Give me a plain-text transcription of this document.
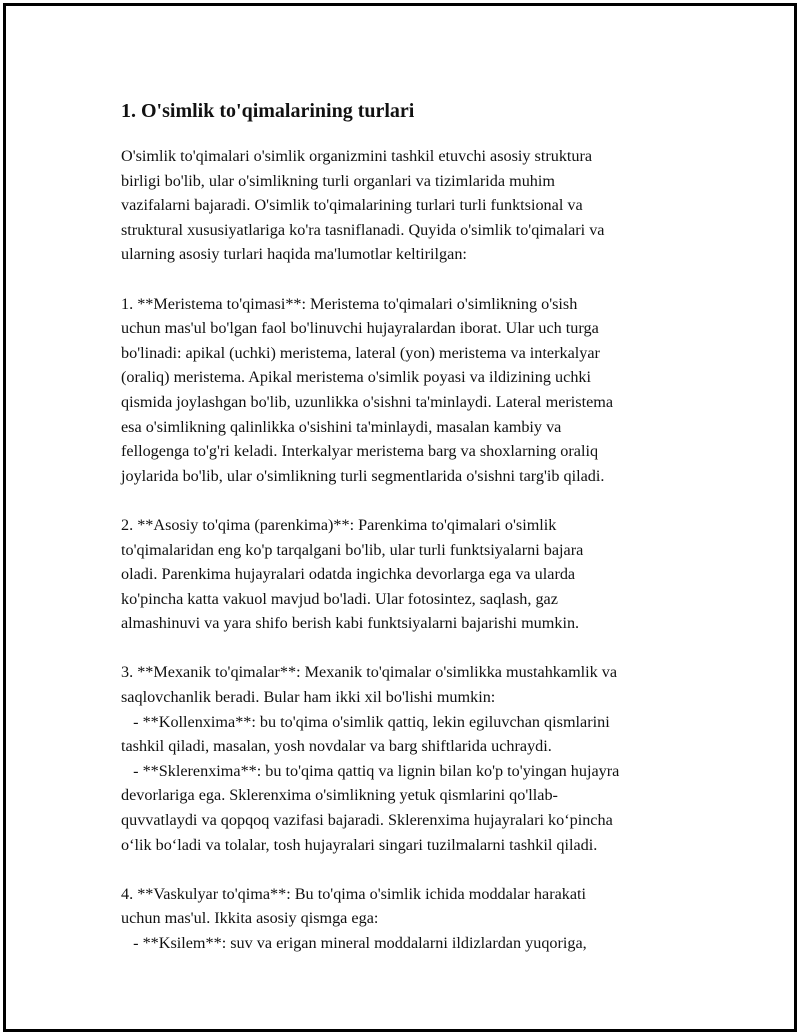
1. O'simlik to'qimalarining turlari
O'simlik to'qimalari o'simlik organizmini tashkil etuvchi asosiy struktura
birligi bo'lib, ular o'simlikning turli organlari va tizimlarida muhim
vazifalarni bajaradi. O'simlik to'qimalarining turlari turli funktsional va
struktural xususiyatlariga ko'ra tasniflanadi. Quyida o'simlik to'qimalari va
ularning asosiy turlari haqida ma'lumotlar keltirilgan:
1. **Meristema to'qimasi**: Meristema to'qimalari o'simlikning o'sish
uchun mas'ul bo'lgan faol bo'linuvchi hujayralardan iborat. Ular uch turga
bo'linadi: apikal (uchki) meristema, lateral (yon) meristema va interkalyar
(oraliq) meristema. Apikal meristema o'simlik poyasi va ildizining uchki
qismida joylashgan bo'lib, uzunlikka o'sishni ta'minlaydi. Lateral meristema
esa o'simlikning qalinlikka o'sishini ta'minlaydi, masalan kambiy va
fellogenga to'g'ri keladi. Interkalyar meristema barg va shoxlarning oraliq
joylarida bo'lib, ular o'simlikning turli segmentlarida o'sishni targ'ib qiladi.
2. **Asosiy to'qima (parenkima)**: Parenkima to'qimalari o'simlik
to'qimalaridan eng ko'p tarqalgani bo'lib, ular turli funktsiyalarni bajara
oladi. Parenkima hujayralari odatda ingichka devorlarga ega va ularda
ko'pincha katta vakuol mavjud bo'ladi. Ular fotosintez, saqlash, gaz
almashinuvi va yara shifo berish kabi funktsiyalarni bajarishi mumkin.
3. **Mexanik to'qimalar**: Mexanik to'qimalar o'simlikka mustahkamlik va
saqlovchanlik beradi. Bular ham ikki xil bo'lishi mumkin:
- **Kollenxima**: bu to'qima o'simlik qattiq, lekin egiluvchan qismlarini
tashkil qiladi, masalan, yosh novdalar va barg shiftlarida uchraydi.
- **Sklerenxima**: bu to'qima qattiq va lignin bilan ko'p to'yingan hujayra
devorlariga ega. Sklerenxima o'simlikning yetuk qismlarini qo'llab-
quvvatlaydi va qopqoq vazifasi bajaradi. Sklerenxima hujayralari ko‘pincha
o‘lik bo‘ladi va tolalar, tosh hujayralari singari tuzilmalarni tashkil qiladi.
4. **Vaskulyar to'qima**: Bu to'qima o'simlik ichida moddalar harakati
uchun mas'ul. Ikkita asosiy qismga ega:
- **Ksilem**: suv va erigan mineral moddalarni ildizlardan yuqoriga,
